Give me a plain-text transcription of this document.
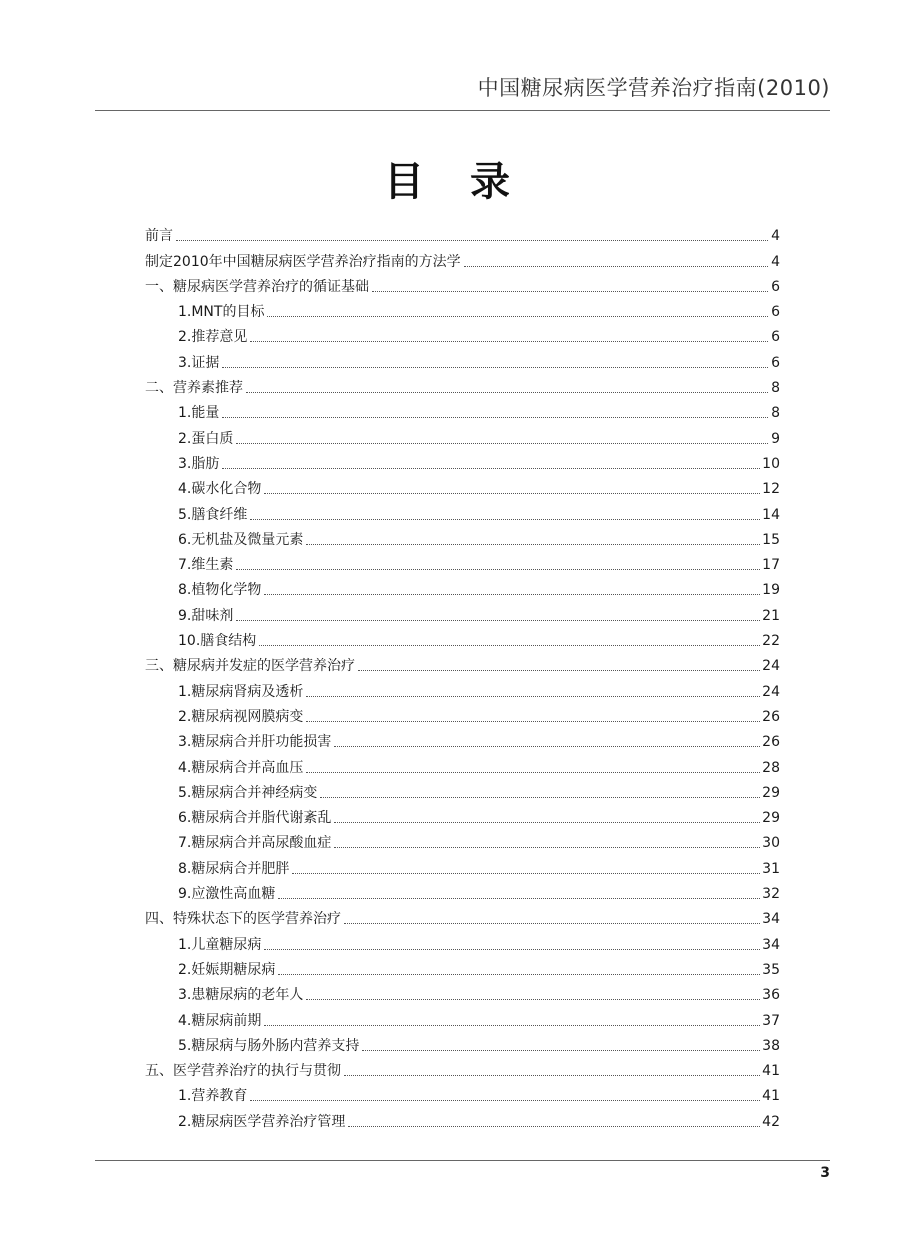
中国糖尿病医学营养治疗指南(2010)
目 录
前言	4
制定2010年中国糖尿病医学营养治疗指南的方法学	4
一、糖尿病医学营养治疗的循证基础	6
1.MNT的目标	6
2.推荐意见	6
3.证据	6
二、营养素推荐	8
1.能量	8
2.蛋白质	9
3.脂肪	10
4.碳水化合物	12
5.膳食纤维	14
6.无机盐及微量元素	15
7.维生素	17
8.植物化学物	19
9.甜味剂	21
10.膳食结构	22
三、糖尿病并发症的医学营养治疗	24
1.糖尿病肾病及透析	24
2.糖尿病视网膜病变	26
3.糖尿病合并肝功能损害	26
4.糖尿病合并高血压	28
5.糖尿病合并神经病变	29
6.糖尿病合并脂代谢紊乱	29
7.糖尿病合并高尿酸血症	30
8.糖尿病合并肥胖	31
9.应激性高血糖	32
四、特殊状态下的医学营养治疗	34
1.儿童糖尿病	34
2.妊娠期糖尿病	35
3.患糖尿病的老年人	36
4.糖尿病前期	37
5.糖尿病与肠外肠内营养支持	38
五、医学营养治疗的执行与贯彻	41
1.营养教育	41
2.糖尿病医学营养治疗管理	42
3
